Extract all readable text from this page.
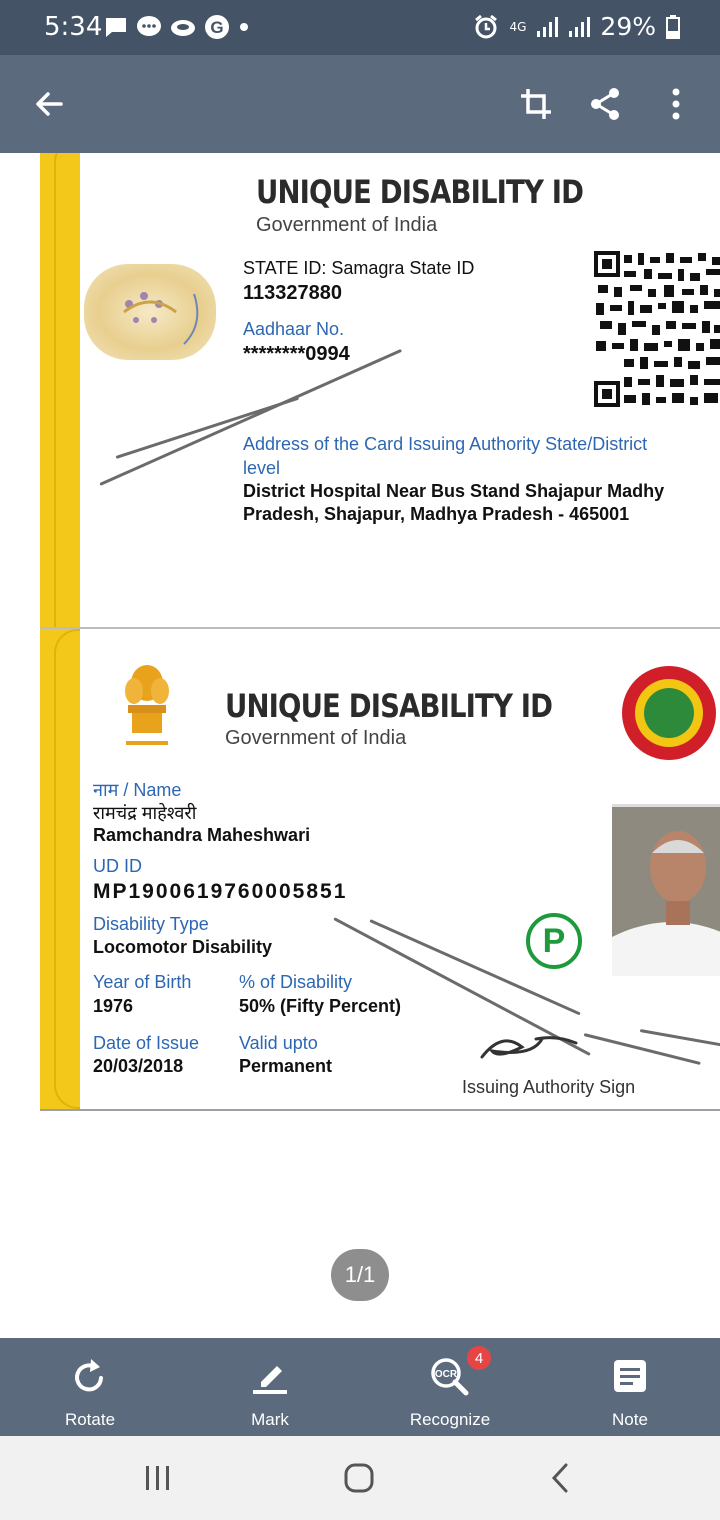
5:34	G	4G	29%
UNIQUE DISABILITY ID
Government of India
STATE ID: Samagra State ID
113327880
Aadhaar No.
********0994
Address of the Card Issuing Authority State/District
level
District Hospital Near Bus Stand Shajapur Madhy
Pradesh, Shajapur, Madhya Pradesh - 465001
UNIQUE DISABILITY ID
Government of India
नाम / Name
रामचंद्र माहेश्वरी
Ramchandra Maheshwari
UD ID
MP1900619760005851
Disability Type
Locomotor Disability
Year of Birth
1976
% of Disability
50% (Fifty Percent)
Date of Issue
20/03/2018
Valid upto
Permanent
P
Issuing Authority Sign
1/1
Rotate	Mark
OCR
4
Recognize	Note
